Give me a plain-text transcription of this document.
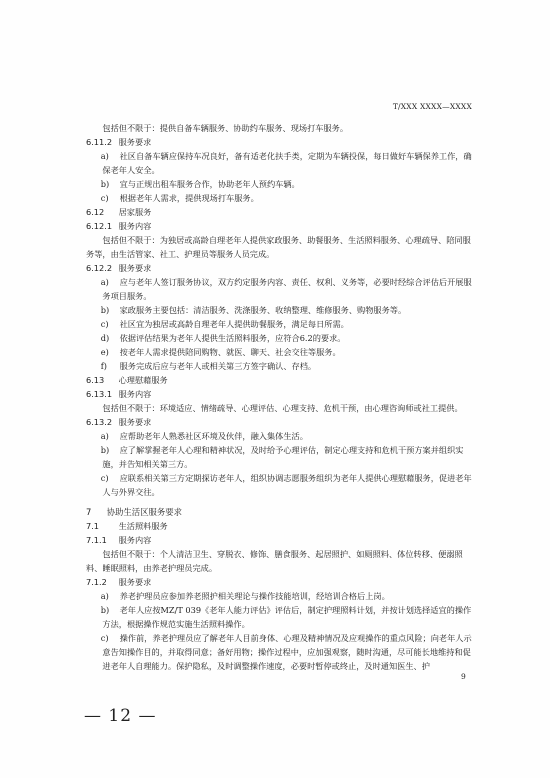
T/XXX XXXX—XXXX

包括但不限于：提供自备车辆服务、协助约车服务、现场打车服务。

6.11.2 服务要求

a) 社区自备车辆应保持车况良好，备有适老化扶手类，定期为车辆投保，每日做好车辆保养工作，确保老年人安全。

b) 宜与正规出租车服务合作，协助老年人预约车辆。

c) 根据老年人需求，提供现场打车服务。

6.12 居家服务

6.12.1 服务内容

包括但不限于：为独居或高龄自理老年人提供家政服务、助餐服务、生活照料服务、心理疏导、陪同服务等，由生活管家、社工、护理员等服务人员完成。

6.12.2 服务要求

a) 应与老年人签订服务协议，双方约定服务内容、责任、权利、义务等，必要时经综合评估后开展服务项目服务。

b) 家政服务主要包括：清洁服务、洗涤服务、收纳整理、维修服务、购物服务等。

c) 社区宜为独居或高龄自理老年人提供助餐服务，满足每日所需。

d) 依据评估结果为老年人提供生活照料服务，应符合6.2的要求。

e) 按老年人需求提供陪同购物、就医、聊天、社会交往等服务。

f) 服务完成后应与老年人或相关第三方签字确认、存档。

6.13 心理慰藉服务

6.13.1 服务内容

包括但不限于：环境适应、情绪疏导、心理评估、心理支持、危机干预，由心理咨询师或社工提供。

6.13.2 服务要求

a) 应帮助老年人熟悉社区环境及伙伴，融入集体生活。

b) 应了解掌握老年人心理和精神状况，及时给予心理评估，制定心理支持和危机干预方案并组织实施，并告知相关第三方。

c) 应联系相关第三方定期探访老年人，组织协调志愿服务组织为老年人提供心理慰藉服务，促进老年人与外界交往。

7 协助生活区服务要求

7.1 生活照料服务

7.1.1 服务内容

包括但不限于：个人清洁卫生、穿脱衣、修饰、膳食服务、起居照护、如厕照料、体位转移、便溺照料、睡眠照料，由养老护理员完成。

7.1.2 服务要求

a) 养老护理员应参加养老照护相关理论与操作技能培训，经培训合格后上岗。

b) 老年人应按MZ/T 039《老年人能力评估》评估后，制定护理照料计划，并按计划选择适宜的操作方法，根据操作规范实施生活照料操作。

c) 操作前，养老护理员应了解老年人目前身体、心理及精神情况及应观操作的重点风险；向老年人示意告知操作目的，并取得同意；备好用物；操作过程中，应加强观察，随时沟通，尽可能长地维持和促进老年人自理能力。保护隐私，及时调整操作速度，必要时暂停或终止，及时通知医生、护

9
— 12 —
